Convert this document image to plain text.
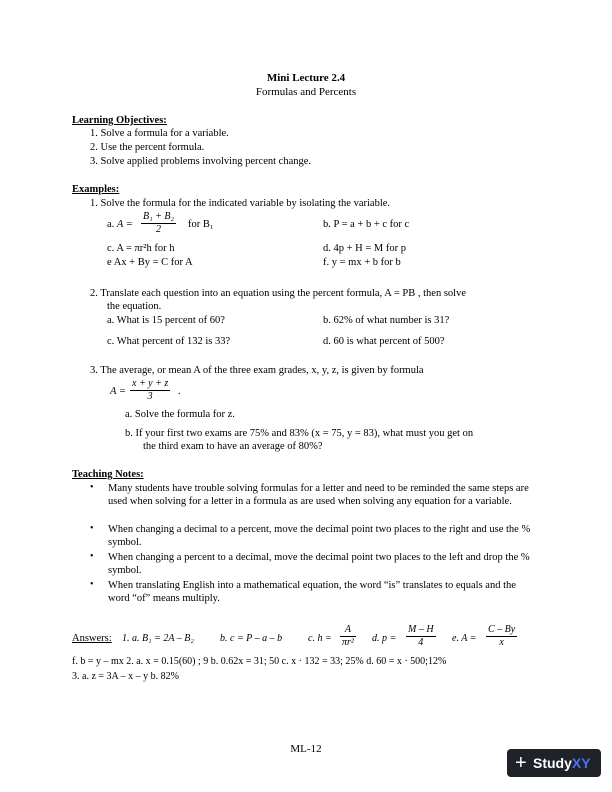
Mini Lecture 2.4
Formulas and Percents
Learning Objectives:
1. Solve a formula for a variable.
2. Use the percent formula.
3. Solve applied problems involving percent change.
Examples:
1. Solve the formula for the indicated variable by isolating the variable.
a. $A = \frac{\text{B₁ + B₂}}{2}$ for B₁	b. P = a + b + c for c
c. A = πr²h for h	d. 4p + H = M for p
e Ax + By = C for A	f. y = mx + b for b
2. Translate each question into an equation using the percent formula, A = PB , then solve
the equation.
a. What is 15 percent of 60?	b. 62% of what number is 31?
c. What percent of 132 is 33?	d. 60 is what percent of 500?
3. The average, or mean A of the three exam grades, x, y, z, is given by formula
$A = \frac{x + y + z}{3}$ .
a. Solve the formula for z.
b. If your first two exams are 75% and 83% (x = 75, y = 83), what must you get on
the third exam to have an average of 80%?
Teaching Notes:
• Many students have trouble solving formulas for a letter and need to be reminded the same steps are used when solving for a letter in a formula as are used when solving any equation for a variable.
• When changing a decimal to a percent, move the decimal point two places to the right and use the % symbol.
• When changing a percent to a decimal, move the decimal point two places to the left and drop the % symbol.
• When translating English into a mathematical equation, the word “is” translates to equals and the word “of” means multiply.
Answers: 1. a. B₁ = 2A – B₂	b. c = P – a – b	c. $h = \frac{A}{\text{πr²}} d$. $p = \frac{M - H}{4} e$. $A = \frac{C - By}{x}$
f. b = y – mx 2. a. x = 0.15(60) ; 9 b. 0.62x = 31; 50 c. x · 132 = 33; 25% d. 60 = x · 500;12%
3. a. z = 3A – x – y b. 82%
ML-12
+ StudyXY
